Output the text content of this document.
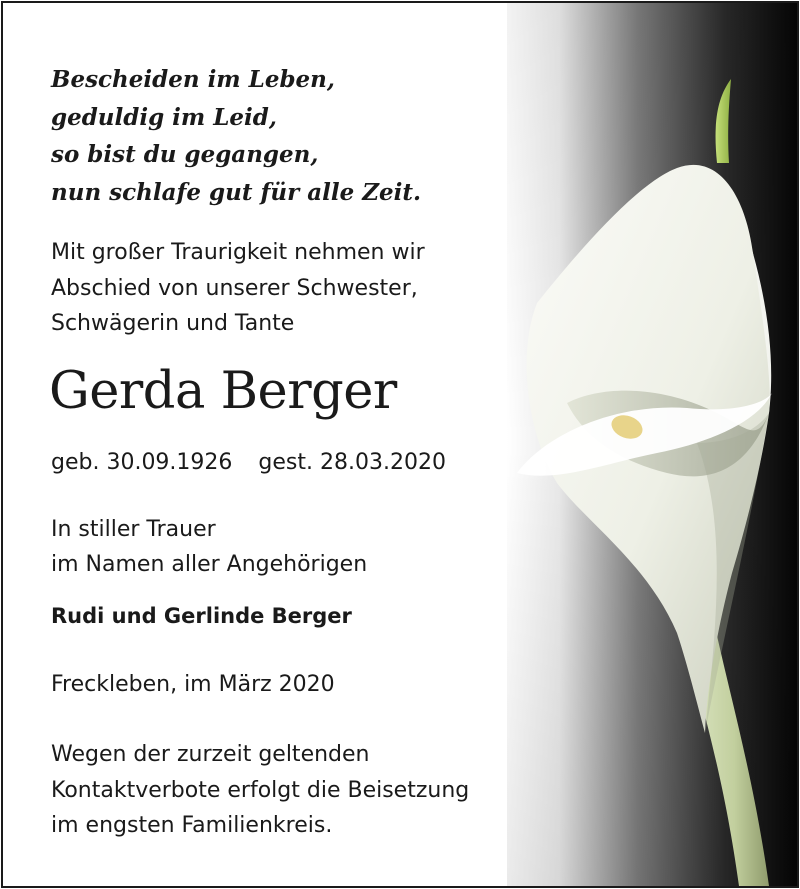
Bescheiden im Leben,
geduldig im Leid,
so bist du gegangen,
nun schlafe gut für alle Zeit.
Mit großer Traurigkeit nehmen wir
Abschied von unserer Schwester,
Schwägerin und Tante
Gerda Berger
geb. 30.09.1926 gest. 28.03.2020
In stiller Trauer
im Namen aller Angehörigen
Rudi und Gerlinde Berger
Freckleben, im März 2020
Wegen der zurzeit geltenden
Kontaktverbote erfolgt die Beisetzung
im engsten Familienkreis.
